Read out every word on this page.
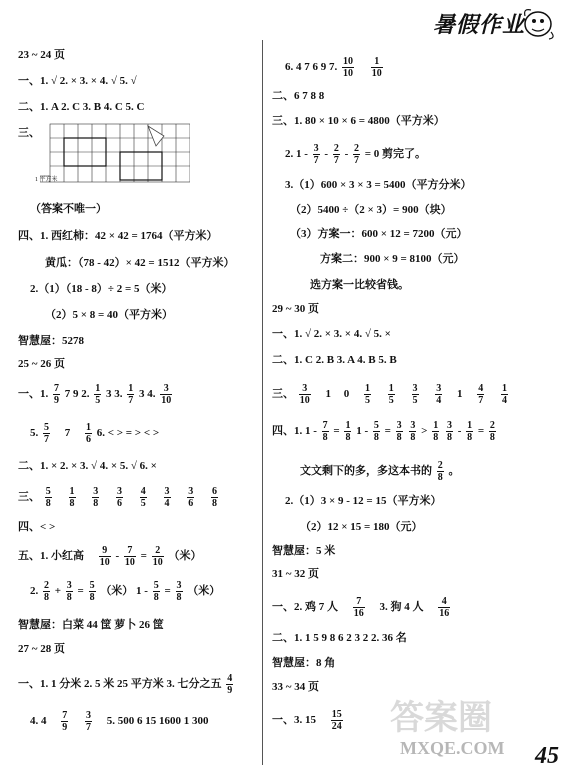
暑假作业
23 ~ 24 页
一、1. √ 2. × 3. × 4. √ 5. √
二、1. A 2. C 3. B 4. C 5. C
三、
1 平方米
（答案不唯一）
四、1. 西红柿：42 × 42 = 1764（平方米）
黄瓜：（78 - 42）× 42 = 1512（平方米）
2.（1）（18 - 8）÷ 2 = 5（米）
（2）5 × 8 = 40（平方米）
智慧屋：5278
25 ~ 26 页
一、1. $\frac{7}{9} 7$ 9 2. $\frac{1}{5} 3$ 3. $\frac{1}{7} 3$ 4. $\frac{3}{10}$
5. $\frac{5}{7} 7 \frac{1}{6} 6$. < > = > < >
二、1. × 2. × 3. √ 4. × 5. √ 6. ×
三、 $\frac{5}{8}$
$\frac{1}{8}$
$\frac{3}{8}$
$\frac{3}{6}$
$\frac{4}{5}$
$\frac{3}{4}$
$\frac{3}{6}$
$\frac{6}{8}$
四、< >
五、1. 小红高 $\frac{9}{10} - \frac{7}{10} = \frac{2}{10}$ （米）
2. $\frac{2}{8} + \frac{3}{8} = \frac{5}{8}$ （米） $1 - \frac{5}{8} = \frac{3}{8}$ （米）
智慧屋：白菜 44 筐 萝卜 26 筐
27 ~ 28 页
一、1. 1 分米 2. 5 米 25 平方米 3. 七分之五 $\frac{4}{9}$
4. $4 \frac{7}{9}$
$\frac{3}{7} 5$. 500 6 15 1600 1 300
6. 4 7 6 9 7. $\frac{10}{10}$
$\frac{1}{10}$
二、6 7 8 8
三、1. 80 × 10 × 6 = 4800（平方米）
2. $1 - \frac{3}{7} - \frac{2}{7} - \frac{2}{7} = 0$ 剪完了。
3.（1）600 × 3 × 3 = 5400（平方分米）
（2）5400 ÷（2 × 3）= 900（块）
（3）方案一：600 × 12 = 7200（元）
方案二：900 × 9 = 8100（元）
选方案一比较省钱。
29 ~ 30 页
一、1. √ 2. × 3. × 4. √ 5. ×
二、1. C 2. B 3. A 4. B 5. B
三、 $\frac{3}{10} 1$ $0 \frac{1}{5}$
$\frac{1}{5}$
$\frac{3}{5}$
$\frac{3}{4} 1 \frac{4}{7}$
$\frac{1}{4}$
四、1. $1 - \frac{7}{8} = \frac{1}{8} 1 - \frac{5}{8} = \frac{3}{8}$
$\frac{3}{8} > \frac{1}{8}$
$\frac{3}{8} - \frac{1}{8} = \frac{2}{8}$
文文剩下的多，多这本书的 $\frac{2}{8}$ 。
2.（1）3 × 9 - 12 = 15（平方米）
（2）12 × 15 = 180（元）
智慧屋：5 米
31 ~ 32 页
一、2. 鸡 7 人 $\frac{7}{16} 3$. 狗 4 人 $\frac{4}{16}$
二、1. 1 5 9 8 6 2 3 2 2. 36 名
智慧屋：8 角
33 ~ 34 页
一、3. $15 \frac{15}{24}$ 答案圈
MXQE.COM 45
